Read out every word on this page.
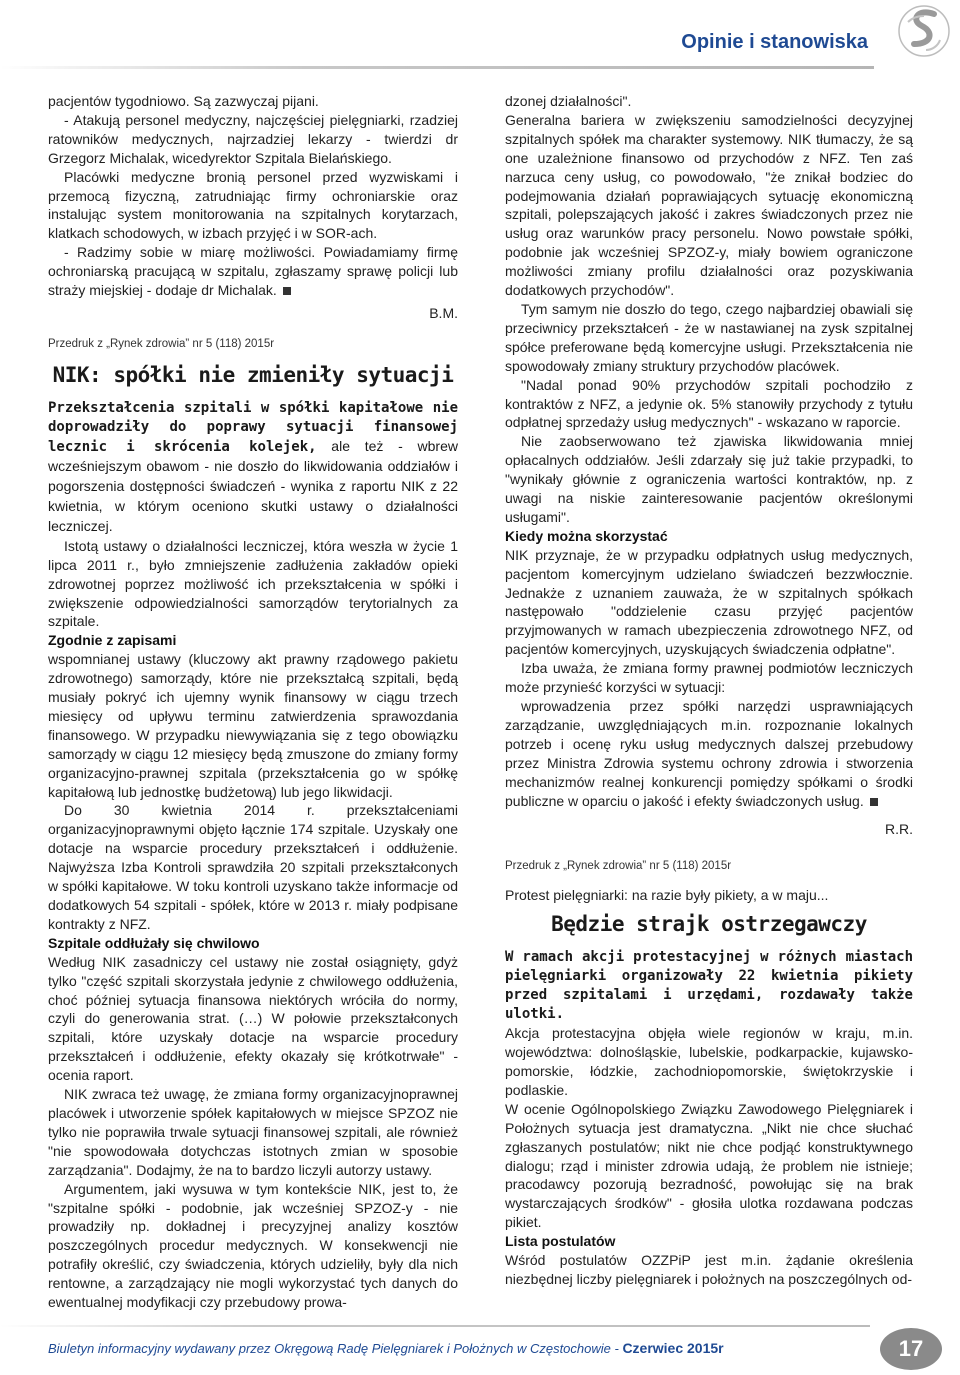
Opinie i stanowiska

pacjentów tygodniowo. Są zazwyczaj pijani.

- Atakują personel medyczny, najczęściej pielęgniarki, rzadziej ratowników medycznych, najrzadziej lekarzy - twierdzi dr Grzegorz Michalak, wicedyrektor Szpitala Bielańskiego.

Placówki medyczne bronią personel przed wyzwiskami i przemocą fizyczną, zatrudniając firmy ochroniarskie oraz instalując system monitorowania na szpitalnych korytarzach, klatkach schodowych, w izbach przyjęć i w SOR-ach.

- Radzimy sobie w miarę możliwości. Powiadamiamy firmę ochroniarską pracującą w szpitalu, zgłaszamy sprawę policji lub straży miejskiej - dodaje dr Michalak.

B.M.

Przedruk z „Rynek zdrowia” nr 5 (118) 2015r

NIK: spółki nie zmieniły sytuacji

Przekształcenia szpitali w spółki kapitałowe nie doprowadziły do poprawy sytuacji finansowej lecznic i skrócenia kolejek, ale też - wbrew wcześniejszym obawom - nie doszło do likwidowania oddziałów i pogorszenia dostępności świadczeń - wynika z raportu NIK z 22 kwietnia, w którym oceniono skutki ustawy o działalności leczniczej.

Istotą ustawy o działalności leczniczej, która weszła w życie 1 lipca 2011 r., było zmniejszenie zadłużenia zakładów opieki zdrowotnej poprzez możliwość ich przekształcenia w spółki i zwiększenie odpowiedzialności samorządów terytorialnych za szpitale.

Zgodnie z zapisami

wspomnianej ustawy (kluczowy akt prawny rządowego pakietu zdrowotnego) samorządy, które nie przekształcą szpitali, będą musiały pokryć ich ujemny wynik finansowy w ciągu trzech miesięcy od upływu terminu zatwierdzenia sprawozdania finansowego. W przypadku niewywiązania się z tego obowiązku samorządy w ciągu 12 miesięcy będą zmuszone do zmiany formy organizacyjno-prawnej szpitala (przekształcenia go w spółkę kapitałową lub jednostkę budżetową) lub jego likwidacji.

Do 30 kwietnia 2014 r. przekształceniami organizacyjnoprawnymi objęto łącznie 174 szpitale. Uzyskały one dotacje na wsparcie procedury przekształceń i oddłużenie. Najwyższa Izba Kontroli sprawdziła 20 szpitali przekształconych w spółki kapitałowe. W toku kontroli uzyskano także informacje od dodatkowych 54 szpitali - spółek, które w 2013 r. miały podpisane kontrakty z NFZ.

Szpitale oddłużały się chwilowo

Według NIK zasadniczy cel ustawy nie został osiągnięty, gdyż tylko "część szpitali skorzystała jedynie z chwilowego oddłużenia, choć później sytuacja finansowa niektórych wróciła do normy, czyli do generowania strat. (…) W połowie przekształconych szpitali, które uzyskały dotacje na wsparcie procedury przekształceń i oddłużenie, efekty okazały się krótkotrwałe" - ocenia raport.

NIK zwraca też uwagę, że zmiana formy organizacyjnoprawnej placówek i utworzenie spółek kapitałowych w miejsce SPZOZ nie tylko nie poprawiła trwale sytuacji finansowej szpitali, ale również "nie spowodowała dotychczas istotnych zmian w sposobie zarządzania". Dodajmy, że na to bardzo liczyli autorzy ustawy.

Argumentem, jaki wysuwa w tym kontekście NIK, jest to, że "szpitalne spółki - podobnie, jak wcześniej SPZOZ-y - nie prowadziły np. dokładnej i precyzyjnej analizy kosztów poszczególnych procedur medycznych. W konsekwencji nie potrafiły określić, czy świadczenia, których udzieliły, były dla nich rentowne, a zarządzający nie mogli wykorzystać tych danych do ewentualnej modyfikacji czy przebudowy prowa-

dzonej działalności".

Generalna bariera w zwiększeniu samodzielności decyzyjnej szpitalnych spółek ma charakter systemowy. NIK tłumaczy, że są one uzależnione finansowo od przychodów z NFZ. Ten zaś narzuca ceny usług, co powodowało, "że znikał bodziec do podejmowania działań poprawiających sytuację ekonomiczną szpitali, polepszających jakość i zakres świadczonych przez nie usług oraz warunków pracy personelu. Nowo powstałe spółki, podobnie jak wcześniej SPZOZ-y, miały bowiem ograniczone możliwości zmiany profilu działalności oraz pozyskiwania dodatkowych przychodów".

Tym samym nie doszło do tego, czego najbardziej obawiali się przeciwnicy przekształceń - że w nastawianej na zysk szpitalnej spółce preferowane będą komercyjne usługi. Przekształcenia nie spowodowały zmiany struktury przychodów placówek.

"Nadal ponad 90% przychodów szpitali pochodziło z kontraktów z NFZ, a jedynie ok. 5% stanowiły przychody z tytułu odpłatnej sprzedaży usług medycznych" - wskazano w raporcie.

Nie zaobserwowano też zjawiska likwidowania mniej opłacalnych oddziałów. Jeśli zdarzały się już takie przypadki, to "wynikały głównie z ograniczenia wartości kontraktów, np. z uwagi na niskie zainteresowanie pacjentów określonymi usługami".

Kiedy można skorzystać

NIK przyznaje, że w przypadku odpłatnych usług medycznych, pacjentom komercyjnym udzielano świadczeń bezzwłocznie. Jednakże z uznaniem zauważa, że w szpitalnych spółkach następowało "oddzielenie czasu przyjęć pacjentów przyjmowanych w ramach ubezpieczenia zdrowotnego NFZ, od pacjentów komercyjnych, uzyskujących świadczenia odpłatne".

Izba uważa, że zmiana formy prawnej podmiotów leczniczych może przynieść korzyści w sytuacji:

wprowadzenia przez spółki narzędzi usprawniających zarządzanie, uwzględniających m.in. rozpoznanie lokalnych potrzeb i ocenę ryku usług medycznych dalszej przebudowy przez Ministra Zdrowia systemu ochrony zdrowia i stworzenia mechanizmów realnej konkurencji pomiędzy spółkami o środki publiczne w oparciu o jakość i efekty świadczonych usług.

R.R.

Przedruk z „Rynek zdrowia” nr 5 (118) 2015r

Protest pielęgniarki: na razie były pikiety, a w maju...

Będzie strajk ostrzegawczy

W ramach akcji protestacyjnej w różnych miastach pielęgniarki organizowały 22 kwietnia pikiety przed szpitalami i urzędami, rozdawały także ulotki.

Akcja protestacyjna objęła wiele regionów w kraju, m.in. województwa: dolnośląskie, lubelskie, podkarpackie, kujawsko-pomorskie, łódzkie, zachodniopomorskie, świętokrzyskie i podlaskie.

W ocenie Ogólnopolskiego Związku Zawodowego Pielęgniarek i Położnych sytuacja jest dramatyczna. „Nikt nie chce słuchać zgłaszanych postulatów; nikt nie chce podjąć konstruktywnego dialogu; rząd i minister zdrowia udają, że problem nie istnieje; pracodawcy pozorują bezradność, powołując się na brak wystarczających środków" - głosiła ulotka rozdawana podczas pikiet.

Lista postulatów

Wśród postulatów OZZPiP jest m.in. żądanie określenia niezbędnej liczby pielęgniarek i położnych na poszczególnych od-

Biuletyn informacyjny wydawany przez Okręgową Radę Pielęgniarek i Położnych w Częstochowie - Czerwiec 2015r	17
